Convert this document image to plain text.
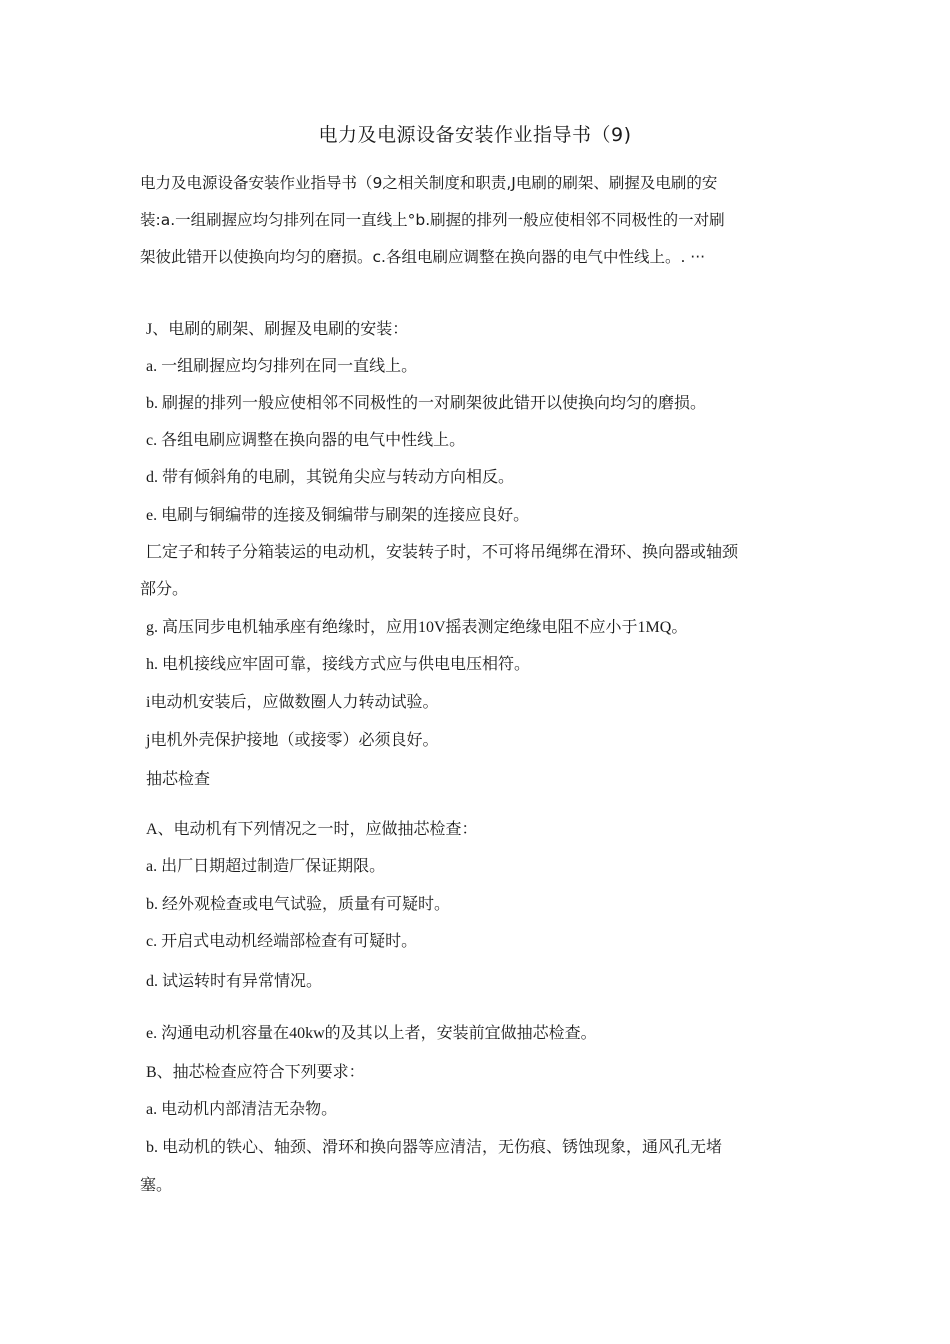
电力及电源设备安装作业指导书（9)
电力及电源设备安装作业指导书（9之相关制度和职责,J电刷的刷架、刷握及电刷的安
装:a.一组刷握应均匀排列在同一直线上°b.刷握的排列一般应使相邻不同极性的一对刷
架彼此错开以使换向均匀的磨损。c.各组电刷应调整在换向器的电气中性线上。. ···
J、电刷的刷架、刷握及电刷的安装：
a. 一组刷握应均匀排列在同一直线上。
b. 刷握的排列一般应使相邻不同极性的一对刷架彼此错开以使换向均匀的磨损。
c. 各组电刷应调整在换向器的电气中性线上。
d. 带有倾斜角的电刷，其锐角尖应与转动方向相反。
e. 电刷与铜编带的连接及铜编带与刷架的连接应良好。
匚定子和转子分箱装运的电动机，安装转子时，不可将吊绳绑在滑环、换向器或轴颈
部分。
g. 高压同步电机轴承座有绝缘时，应用10V摇表测定绝缘电阻不应小于1MQ。
h. 电机接线应牢固可靠，接线方式应与供电电压相符。
i电动机安装后，应做数圈人力转动试验。
j电机外壳保护接地（或接零）必须良好。
抽芯检查
A、电动机有下列情况之一时，应做抽芯检查：
a. 出厂日期超过制造厂保证期限。
b. 经外观检查或电气试验，质量有可疑时。
c. 开启式电动机经端部检查有可疑时。
d. 试运转时有异常情况。
e. 沟通电动机容量在40kw的及其以上者，安装前宜做抽芯检查。
B、抽芯检查应符合下列要求：
a. 电动机内部清洁无杂物。
b. 电动机的铁心、轴颈、滑环和换向器等应清洁，无伤痕、锈蚀现象，通风孔无堵
塞。
